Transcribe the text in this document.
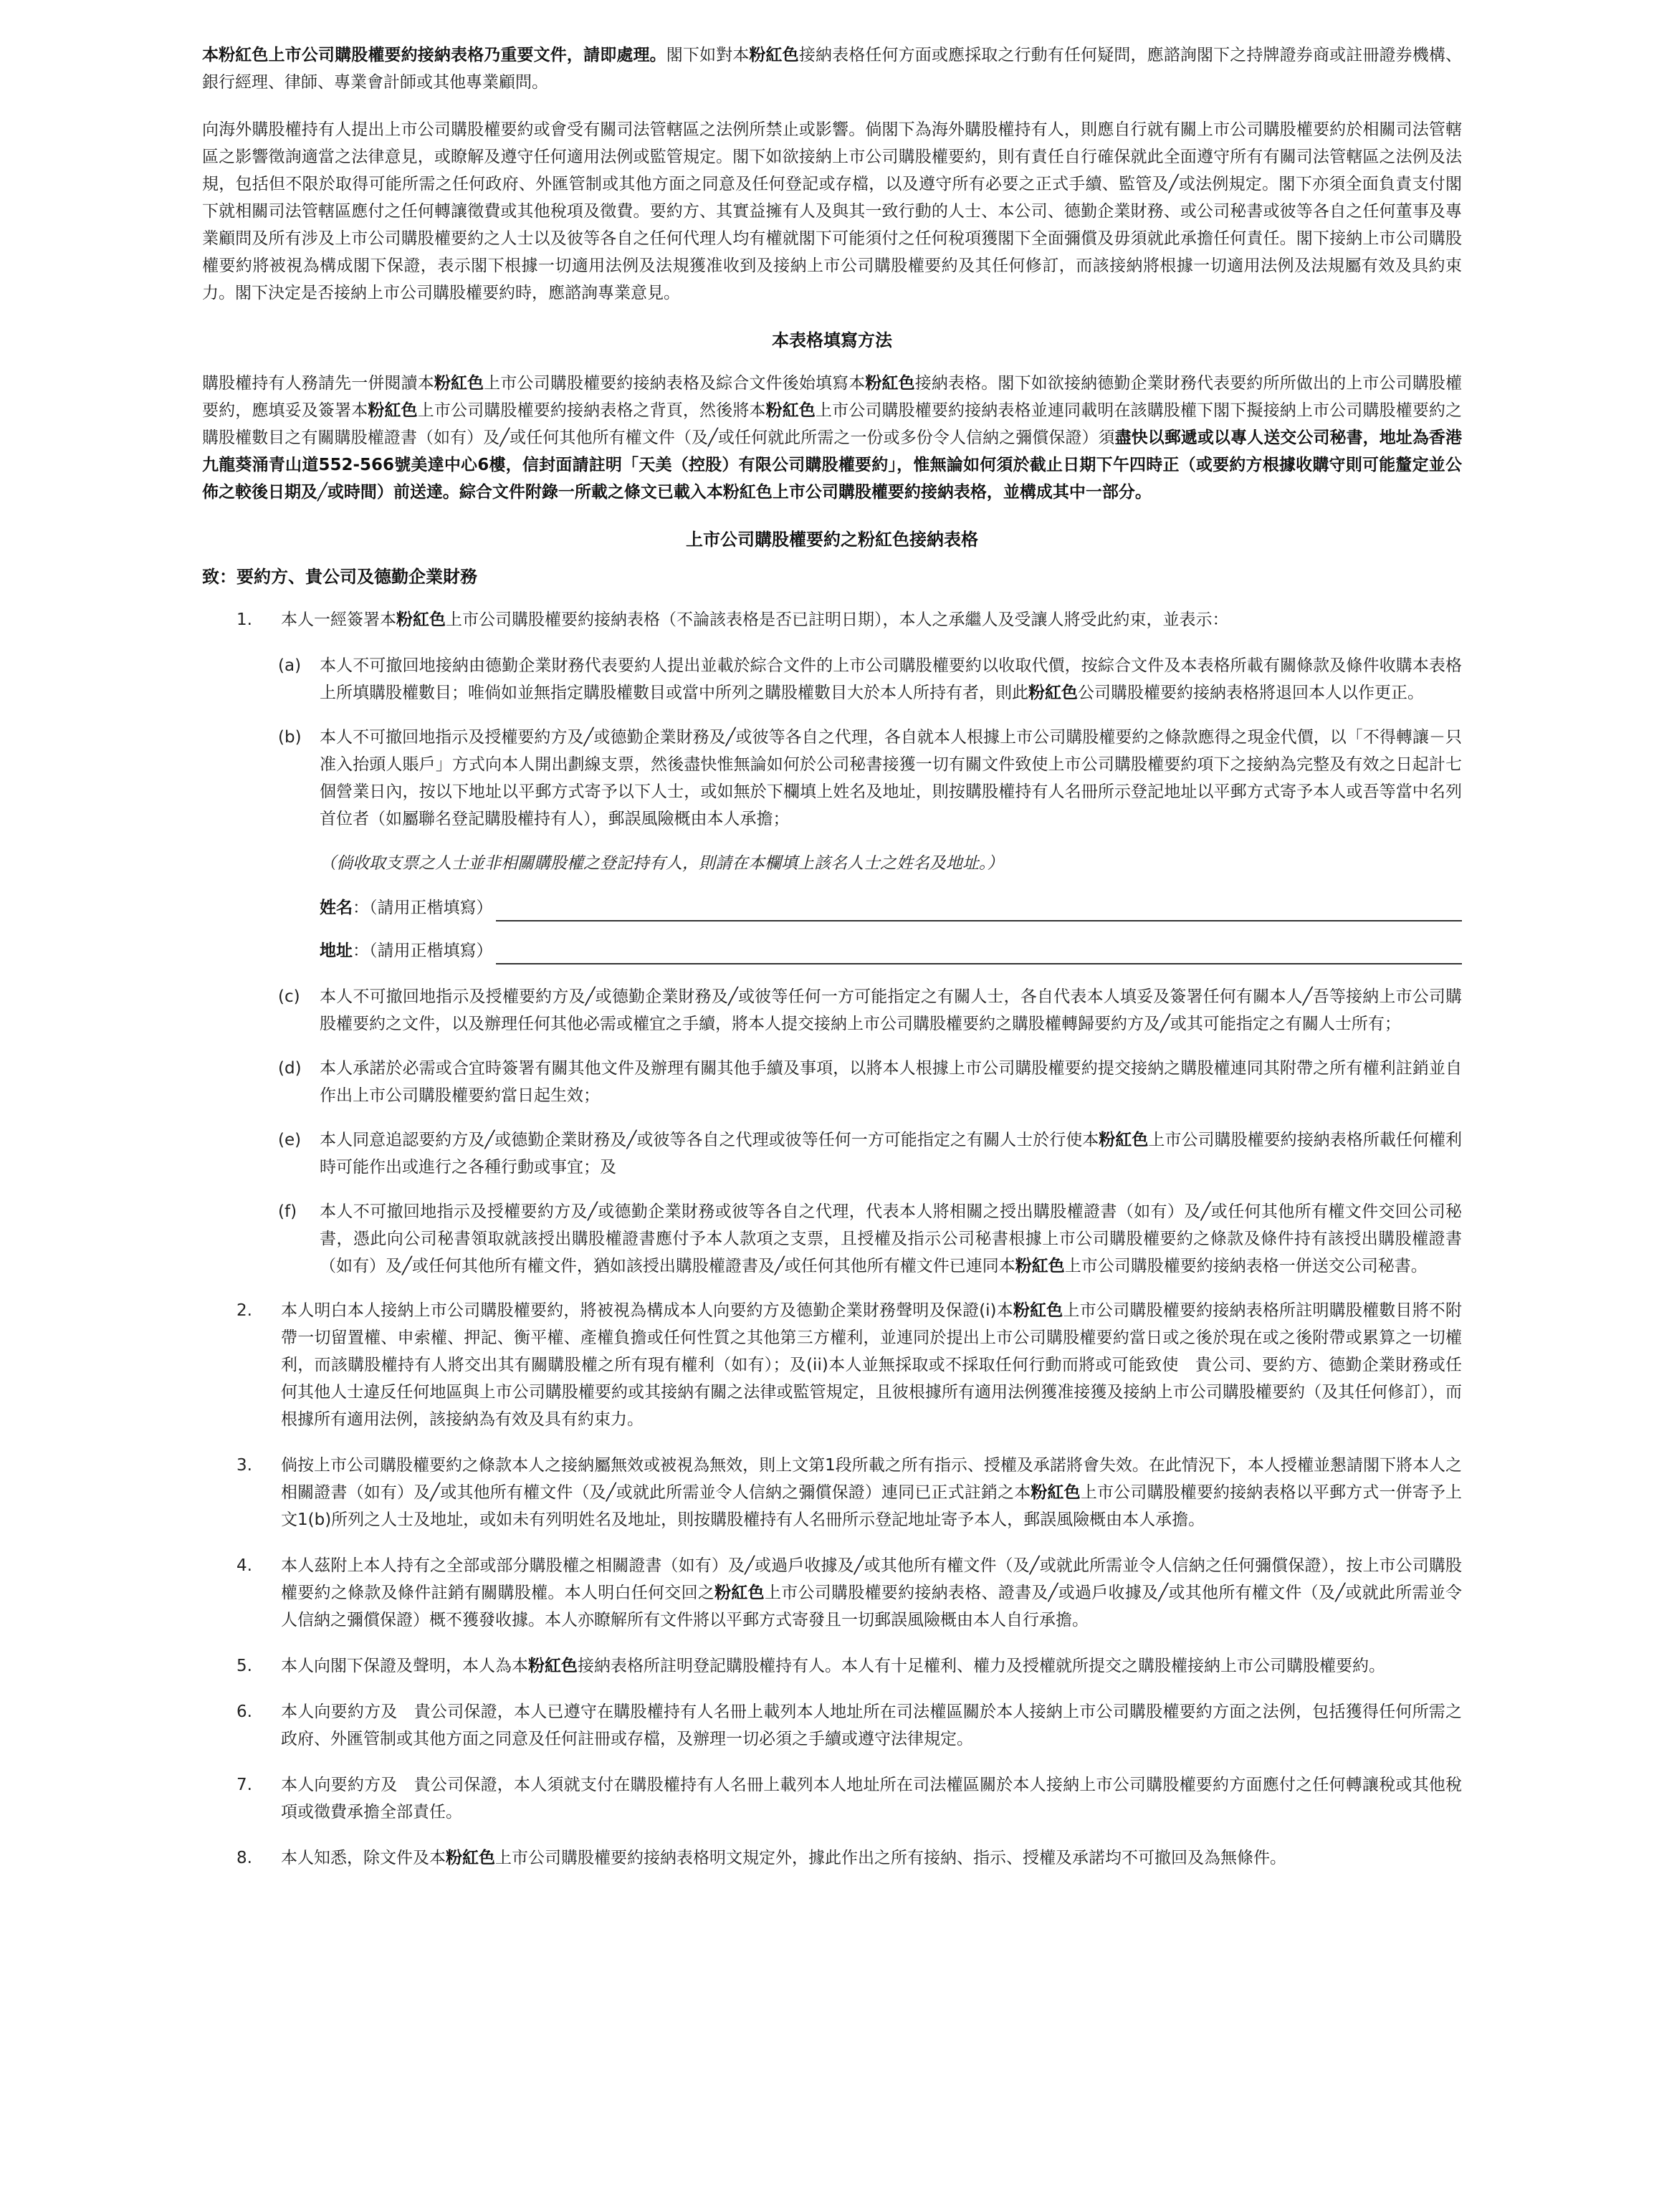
本粉紅色上市公司購股權要約接納表格乃重要文件，請即處理。閣下如對本粉紅色接納表格任何方面或應採取之行動有任何疑問，應諮詢閣下之持牌證券商或註冊證券機構、銀行經理、律師、專業會計師或其他專業顧問。

向海外購股權持有人提出上市公司購股權要約或會受有關司法管轄區之法例所禁止或影響。倘閣下為海外購股權持有人，則應自行就有關上市公司購股權要約於相關司法管轄區之影響徵詢適當之法律意見，或瞭解及遵守任何適用法例或監管規定。閣下如欲接納上市公司購股權要約，則有責任自行確保就此全面遵守所有有關司法管轄區之法例及法規，包括但不限於取得可能所需之任何政府、外匯管制或其他方面之同意及任何登記或存檔，以及遵守所有必要之正式手續、監管及╱或法例規定。閣下亦須全面負責支付閣下就相關司法管轄區應付之任何轉讓徵費或其他稅項及徵費。要約方、其實益擁有人及與其一致行動的人士、本公司、德勤企業財務、或公司秘書或彼等各自之任何董事及專業顧問及所有涉及上市公司購股權要約之人士以及彼等各自之任何代理人均有權就閣下可能須付之任何稅項獲閣下全面彌償及毋須就此承擔任何責任。閣下接納上市公司購股權要約將被視為構成閣下保證，表示閣下根據一切適用法例及法規獲准收到及接納上市公司購股權要約及其任何修訂，而該接納將根據一切適用法例及法規屬有效及具約束力。閣下決定是否接納上市公司購股權要約時，應諮詢專業意見。

本表格填寫方法

購股權持有人務請先一併閱讀本粉紅色上市公司購股權要約接納表格及綜合文件後始填寫本粉紅色接納表格。閣下如欲接納德勤企業財務代表要約所所做出的上市公司購股權要約，應填妥及簽署本粉紅色上市公司購股權要約接納表格之背頁，然後將本粉紅色上市公司購股權要約接納表格並連同載明在該購股權下閣下擬接納上市公司購股權要約之購股權數目之有關購股權證書（如有）及╱或任何其他所有權文件（及╱或任何就此所需之一份或多份令人信納之彌償保證）須盡快以郵遞或以專人送交公司秘書，地址為香港九龍葵涌青山道552-566號美達中心6樓，信封面請註明「天美（控股）有限公司購股權要約」，惟無論如何須於截止日期下午四時正（或要約方根據收購守則可能釐定並公佈之較後日期及╱或時間）前送達。綜合文件附錄一所載之條文已載入本粉紅色上市公司購股權要約接納表格，並構成其中一部分。

上市公司購股權要約之粉紅色接納表格
致：要約方、貴公司及德勤企業財務

1. 本人一經簽署本粉紅色上市公司購股權要約接納表格（不論該表格是否已註明日期），本人之承繼人及受讓人將受此約束，並表示：

(a) 本人不可撤回地接納由德勤企業財務代表要約人提出並載於綜合文件的上市公司購股權要約以收取代價，按綜合文件及本表格所載有關條款及條件收購本表格上所填購股權數目；唯倘如並無指定購股權數目或當中所列之購股權數目大於本人所持有者，則此粉紅色公司購股權要約接納表格將退回本人以作更正。

(b) 本人不可撤回地指示及授權要約方及╱或德勤企業財務及╱或彼等各自之代理，各自就本人根據上市公司購股權要約之條款應得之現金代價，以「不得轉讓－只准入抬頭人賬戶」方式向本人開出劃線支票，然後盡快惟無論如何於公司秘書接獲一切有關文件致使上市公司購股權要約項下之接納為完整及有效之日起計七個營業日內，按以下地址以平郵方式寄予以下人士，或如無於下欄填上姓名及地址，則按購股權持有人名冊所示登記地址以平郵方式寄予本人或吾等當中名列首位者（如屬聯名登記購股權持有人），郵誤風險概由本人承擔；

（倘收取支票之人士並非相關購股權之登記持有人，則請在本欄填上該名人士之姓名及地址。）

姓名：（請用正楷填寫）
地址：（請用正楷填寫）

(c) 本人不可撤回地指示及授權要約方及╱或德勤企業財務及╱或彼等任何一方可能指定之有關人士，各自代表本人填妥及簽署任何有關本人╱吾等接納上市公司購股權要約之文件，以及辦理任何其他必需或權宜之手續，將本人提交接納上市公司購股權要約之購股權轉歸要約方及╱或其可能指定之有關人士所有；

(d) 本人承諾於必需或合宜時簽署有關其他文件及辦理有關其他手續及事項，以將本人根據上市公司購股權要約提交接納之購股權連同其附帶之所有權利註銷並自作出上市公司購股權要約當日起生效；

(e) 本人同意追認要約方及╱或德勤企業財務及╱或彼等各自之代理或彼等任何一方可能指定之有關人士於行使本粉紅色上市公司購股權要約接納表格所載任何權利時可能作出或進行之各種行動或事宜；及

(f) 本人不可撤回地指示及授權要約方及╱或德勤企業財務或彼等各自之代理，代表本人將相關之授出購股權證書（如有）及╱或任何其他所有權文件交回公司秘書，憑此向公司秘書領取就該授出購股權證書應付予本人款項之支票，且授權及指示公司秘書根據上市公司購股權要約之條款及條件持有該授出購股權證書（如有）及╱或任何其他所有權文件，猶如該授出購股權證書及╱或任何其他所有權文件已連同本粉紅色上市公司購股權要約接納表格一併送交公司秘書。

2. 本人明白本人接納上市公司購股權要約，將被視為構成本人向要約方及德勤企業財務聲明及保證(i)本粉紅色上市公司購股權要約接納表格所註明購股權數目將不附帶一切留置權、申索權、押記、衡平權、產權負擔或任何性質之其他第三方權利，並連同於提出上市公司購股權要約當日或之後於現在或之後附帶或累算之一切權利，而該購股權持有人將交出其有關購股權之所有現有權利（如有）；及(ii)本人並無採取或不採取任何行動而將或可能致使　貴公司、要約方、德勤企業財務或任何其他人士違反任何地區與上市公司購股權要約或其接納有關之法律或監管規定，且彼根據所有適用法例獲准接獲及接納上市公司購股權要約（及其任何修訂），而根據所有適用法例，該接納為有效及具有約束力。

3. 倘按上市公司購股權要約之條款本人之接納屬無效或被視為無效，則上文第1段所載之所有指示、授權及承諾將會失效。在此情況下，本人授權並懇請閣下將本人之相關證書（如有）及╱或其他所有權文件（及╱或就此所需並令人信納之彌償保證）連同已正式註銷之本粉紅色上市公司購股權要約接納表格以平郵方式一併寄予上文1(b)所列之人士及地址，或如未有列明姓名及地址，則按購股權持有人名冊所示登記地址寄予本人，郵誤風險概由本人承擔。

4. 本人茲附上本人持有之全部或部分購股權之相關證書（如有）及╱或過戶收據及╱或其他所有權文件（及╱或就此所需並令人信納之任何彌償保證），按上市公司購股權要約之條款及條件註銷有關購股權。本人明白任何交回之粉紅色上市公司購股權要約接納表格、證書及╱或過戶收據及╱或其他所有權文件（及╱或就此所需並令人信納之彌償保證）概不獲發收據。本人亦瞭解所有文件將以平郵方式寄發且一切郵誤風險概由本人自行承擔。

5. 本人向閣下保證及聲明，本人為本粉紅色接納表格所註明登記購股權持有人。本人有十足權利、權力及授權就所提交之購股權接納上市公司購股權要約。

6. 本人向要約方及　貴公司保證，本人已遵守在購股權持有人名冊上載列本人地址所在司法權區關於本人接納上市公司購股權要約方面之法例，包括獲得任何所需之政府、外匯管制或其他方面之同意及任何註冊或存檔，及辦理一切必須之手續或遵守法律規定。

7. 本人向要約方及　貴公司保證，本人須就支付在購股權持有人名冊上載列本人地址所在司法權區關於本人接納上市公司購股權要約方面應付之任何轉讓稅或其他稅項或徵費承擔全部責任。

8. 本人知悉，除文件及本粉紅色上市公司購股權要約接納表格明文規定外，據此作出之所有接納、指示、授權及承諾均不可撤回及為無條件。
